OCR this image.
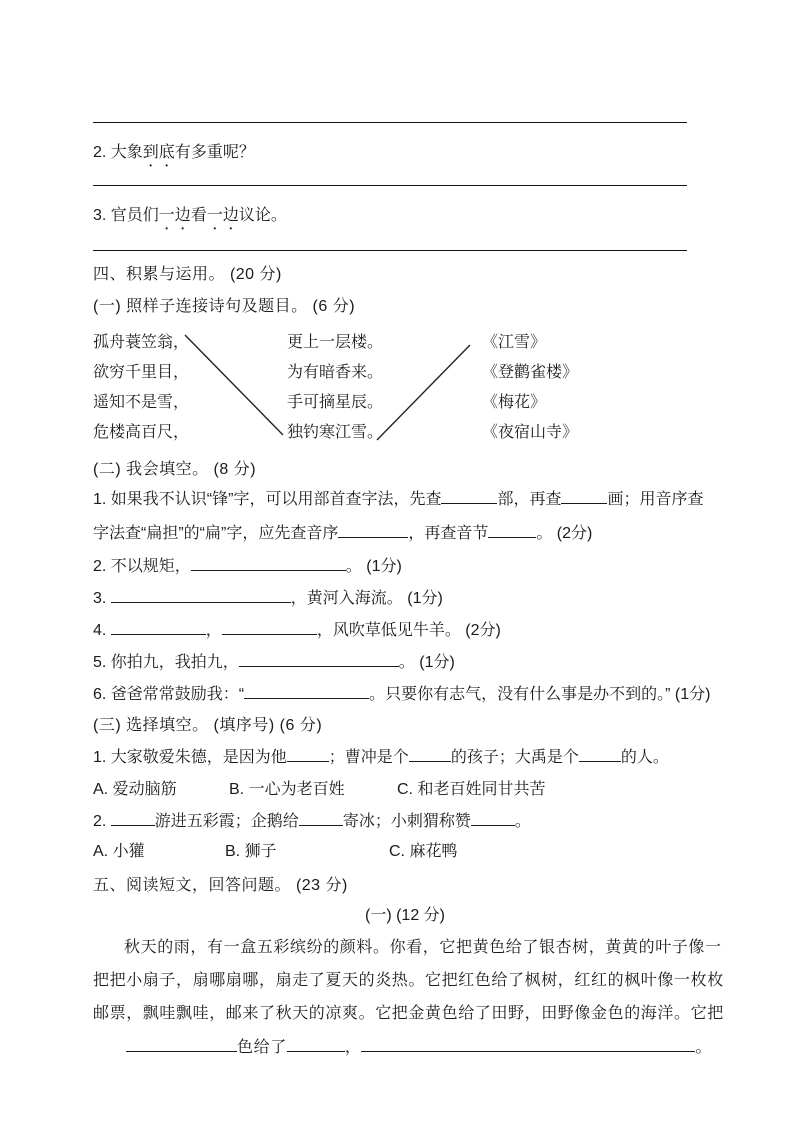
2. 大象到底有多重呢？
3. 官员们一边看一边议论。
四、积累与运用。 (20 分)
(一) 照样子连接诗句及题目。 (6 分)
孤舟蓑笠翁，	更上一层楼。	《江雪》
欲穷千里目，	为有暗香来。	《登鹳雀楼》
遥知不是雪，	手可摘星辰。	《梅花》
危楼高百尺，	独钓寒江雪。	《夜宿山寺》
(二) 我会填空。 (8 分)
1. 如果我不认识“锋”字，可以用部首查字法，先查	部，再查	画；用音序查
字法查“扁担”的“扁”字，应先查音序	，再查音节	。 (2分)
2. 不以规矩，	。 (1分)
3.	，黄河入海流。 (1分)
4.	，	，风吹草低见牛羊。 (2分)
5. 你拍九，我拍九，	。 (1分)
6. 爸爸常常鼓励我：“	。只要你有志气，没有什么事是办不到的。” (1分)
(三) 选择填空。 (填序号) (6 分)
1. 大家敬爱朱德，是因为他	；曹冲是个	的孩子；大禹是个	的人。
A. 爱动脑筋	B. 一心为老百姓	C. 和老百姓同甘共苦
2.	游进五彩霞；企鹅给	寄冰；小刺猬称赞	。
A. 小獾	B. 狮子	C. 麻花鸭
五、阅读短文，回答问题。 (23 分)
(一) (12 分)
秋天的雨，有一盒五彩缤纷的颜料。你看，它把黄色给了银杏树，黄黄的叶子像一
把把小扇子，扇哪扇哪，扇走了夏天的炎热。它把红色给了枫树，红红的枫叶像一枚枚
邮票，飘哇飘哇，邮来了秋天的凉爽。它把金黄色给了田野，田野像金色的海洋。它把
色给了	，	。
